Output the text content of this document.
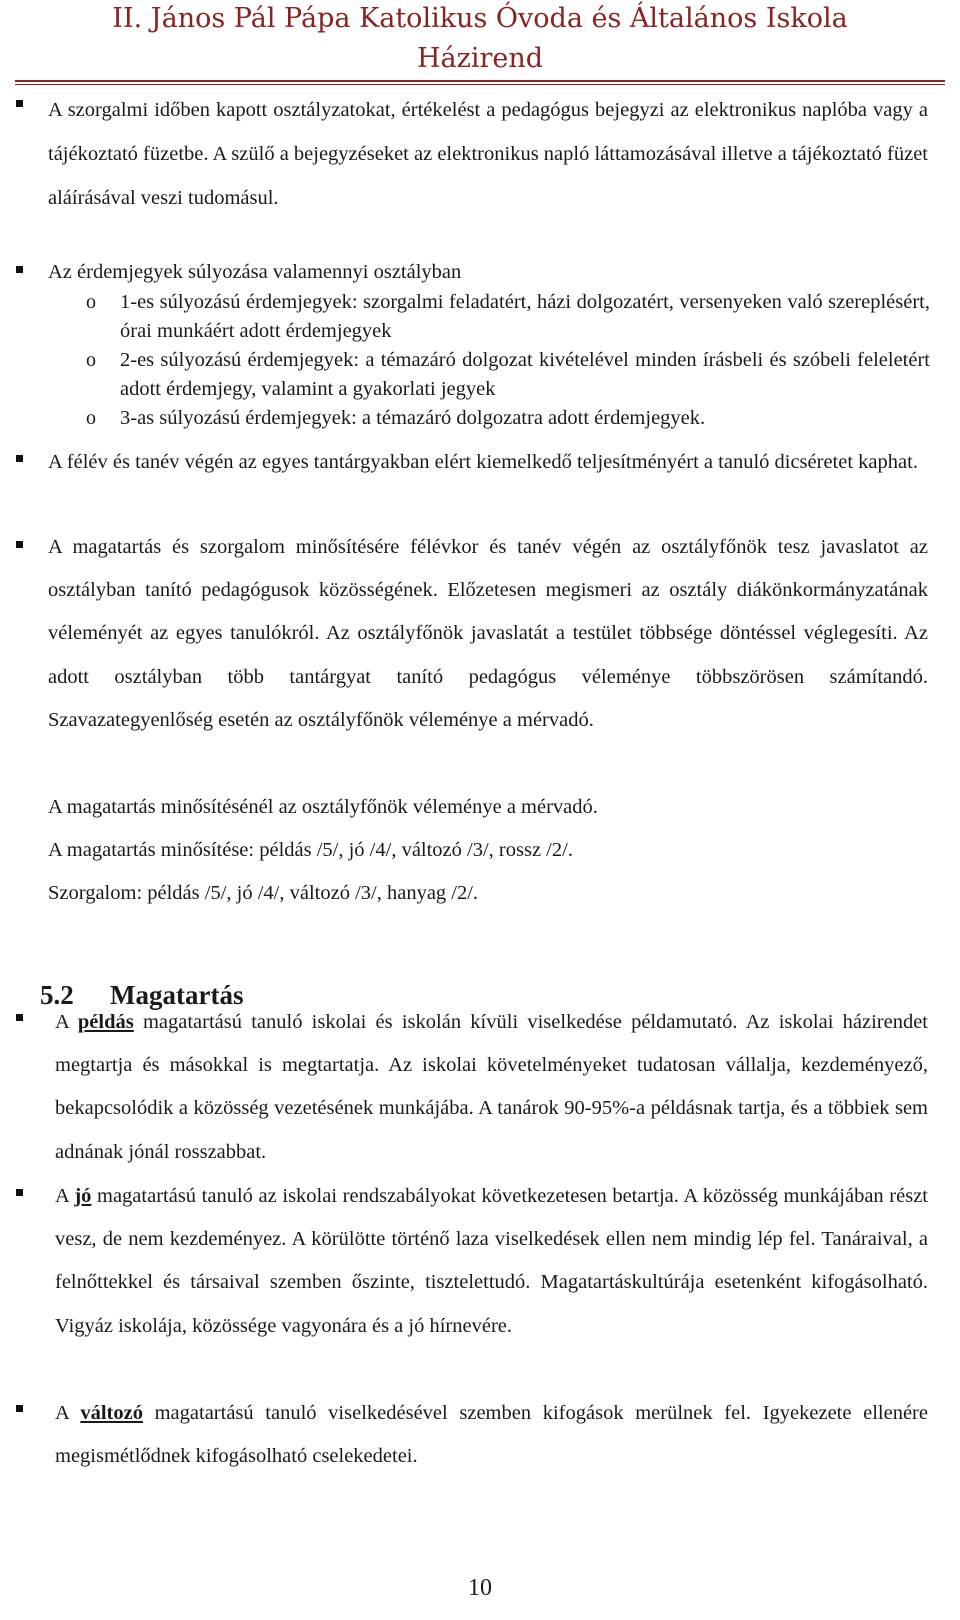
II. János Pál Pápa Katolikus Óvoda és Általános Iskola
Házirend

A szorgalmi időben kapott osztályzatokat, értékelést a pedagógus bejegyzi az elektronikus naplóba vagy a tájékoztató füzetbe. A szülő a bejegyzéseket az elektronikus napló láttamozásával illetve a tájékoztató füzet aláírásával veszi tudomásul.

Az érdemjegyek súlyozása valamennyi osztályban
o 1-es súlyozású érdemjegyek: szorgalmi feladatért, házi dolgozatért, versenyeken való szereplésért, órai munkáért adott érdemjegyek
o 2-es súlyozású érdemjegyek: a témazáró dolgozat kivételével minden írásbeli és szóbeli feleletért adott érdemjegy, valamint a gyakorlati jegyek
o 3-as súlyozású érdemjegyek: a témazáró dolgozatra adott érdemjegyek.

A félév és tanév végén az egyes tantárgyakban elért kiemelkedő teljesítményért a tanuló dicséretet kaphat.

A magatartás és szorgalom minősítésére félévkor és tanév végén az osztályfőnök tesz javaslatot az osztályban tanító pedagógusok közösségének. Előzetesen megismeri az osztály diákönkormányzatának véleményét az egyes tanulókról. Az osztályfőnök javaslatát a testület többsége döntéssel véglegesíti. Az adott osztályban több tantárgyat tanító pedagógus véleménye többszörösen számítandó. Szavazategyenlőség esetén az osztályfőnök véleménye a mérvadó.

A magatartás minősítésénél az osztályfőnök véleménye a mérvadó.
A magatartás minősítése: példás /5/, jó /4/, változó /3/, rossz /2/.
Szorgalom: példás /5/, jó /4/, változó /3/, hanyag /2/.
5.2 Magatartás

A példás magatartású tanuló iskolai és iskolán kívüli viselkedése példamutató. Az iskolai házirendet megtartja és másokkal is megtartatja. Az iskolai követelményeket tudatosan vállalja, kezdeményező, bekapcsolódik a közösség vezetésének munkájába. A tanárok 90-95%-a példásnak tartja, és a többiek sem adnának jónál rosszabbat.

A jó magatartású tanuló az iskolai rendszabályokat következetesen betartja. A közösség munkájában részt vesz, de nem kezdeményez. A körülötte történő laza viselkedések ellen nem mindig lép fel. Tanáraival, a felnőttekkel és társaival szemben őszinte, tisztelettudó. Magatartáskultúrája esetenként kifogásolható. Vigyáz iskolája, közössége vagyonára és a jó hírnevére.

A változó magatartású tanuló viselkedésével szemben kifogások merülnek fel. Igyekezete ellenére megismétlődnek kifogásolható cselekedetei.

10
